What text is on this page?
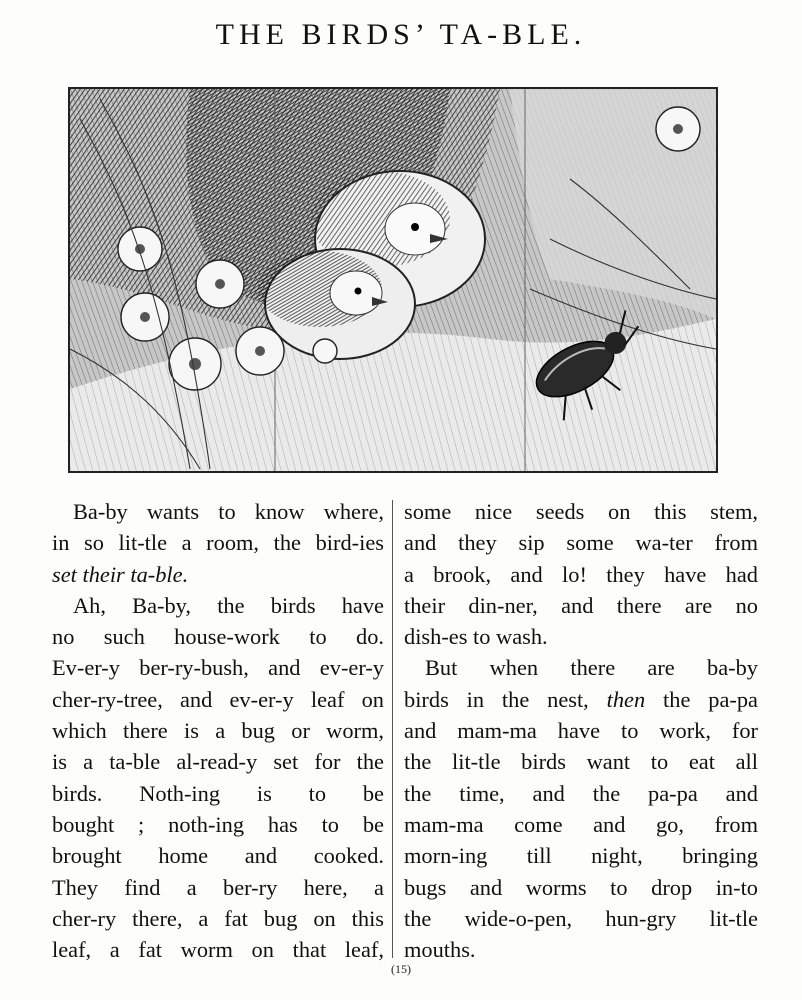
THE BIRDS’ TA-BLE.
Ba-by wants to know where,
in so lit-tle a room, the bird-ies
set their ta-ble.
Ah, Ba-by, the birds have
no such house-work to do.
Ev-er-y ber-ry-bush, and ev-er-y
cher-ry-tree, and ev-er-y leaf on
which there is a bug or worm,
is a ta-ble al-read-y set for the
birds. Noth-ing is to be
bought ; noth-ing has to be
brought home and cooked.
They find a ber-ry here, a
cher-ry there, a fat bug on this
leaf, a fat worm on that leaf,
some nice seeds on this stem,
and they sip some wa-ter from
a brook, and lo! they have had
their din-ner, and there are no
dish-es to wash.
But when there are ba-by
birds in the nest, then the pa-pa
and mam-ma have to work, for
the lit-tle birds want to eat all
the time, and the pa-pa and
mam-ma come and go, from
morn-ing till night, bringing
bugs and worms to drop in-to
the wide-o-pen, hun-gry lit-tle
mouths.
(15)
